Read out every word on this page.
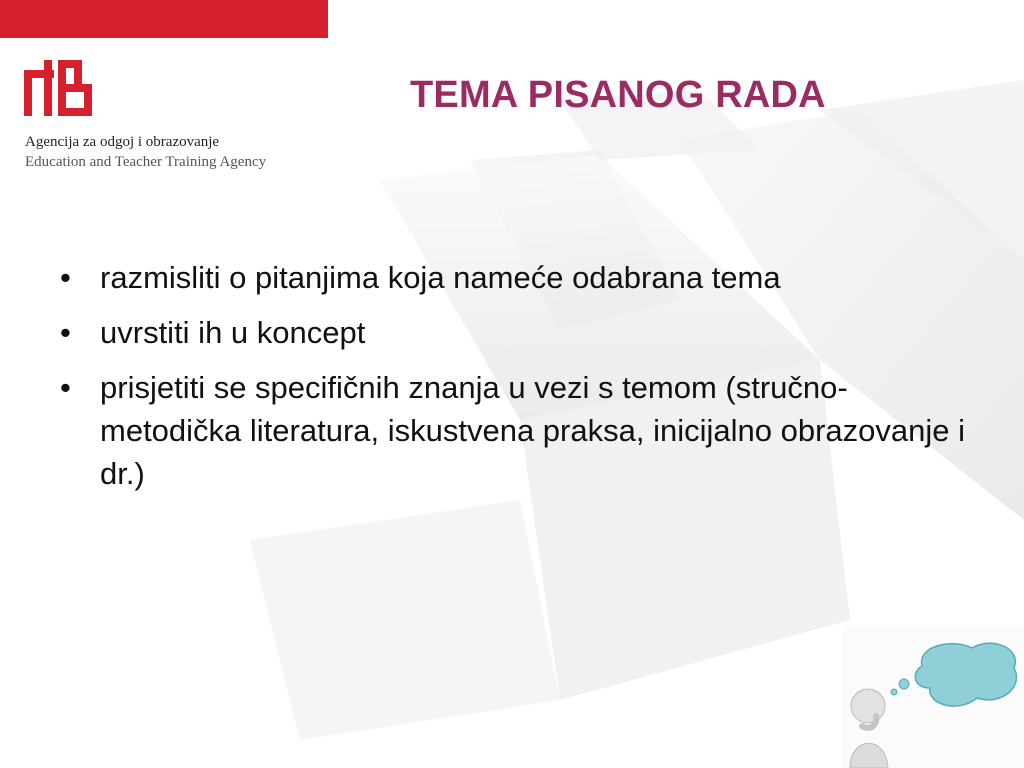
Agencija za odgoj i obrazovanje
Education and Teacher Training Agency
TEMA PISANOG RADA
• razmisliti o pitanjima koja nameće odabrana tema
• uvrstiti ih u koncept
• prisjetiti se specifičnih znanja u vezi s temom (stručno-metodička literatura, iskustvena praksa, inicijalno obrazovanje i dr.)
